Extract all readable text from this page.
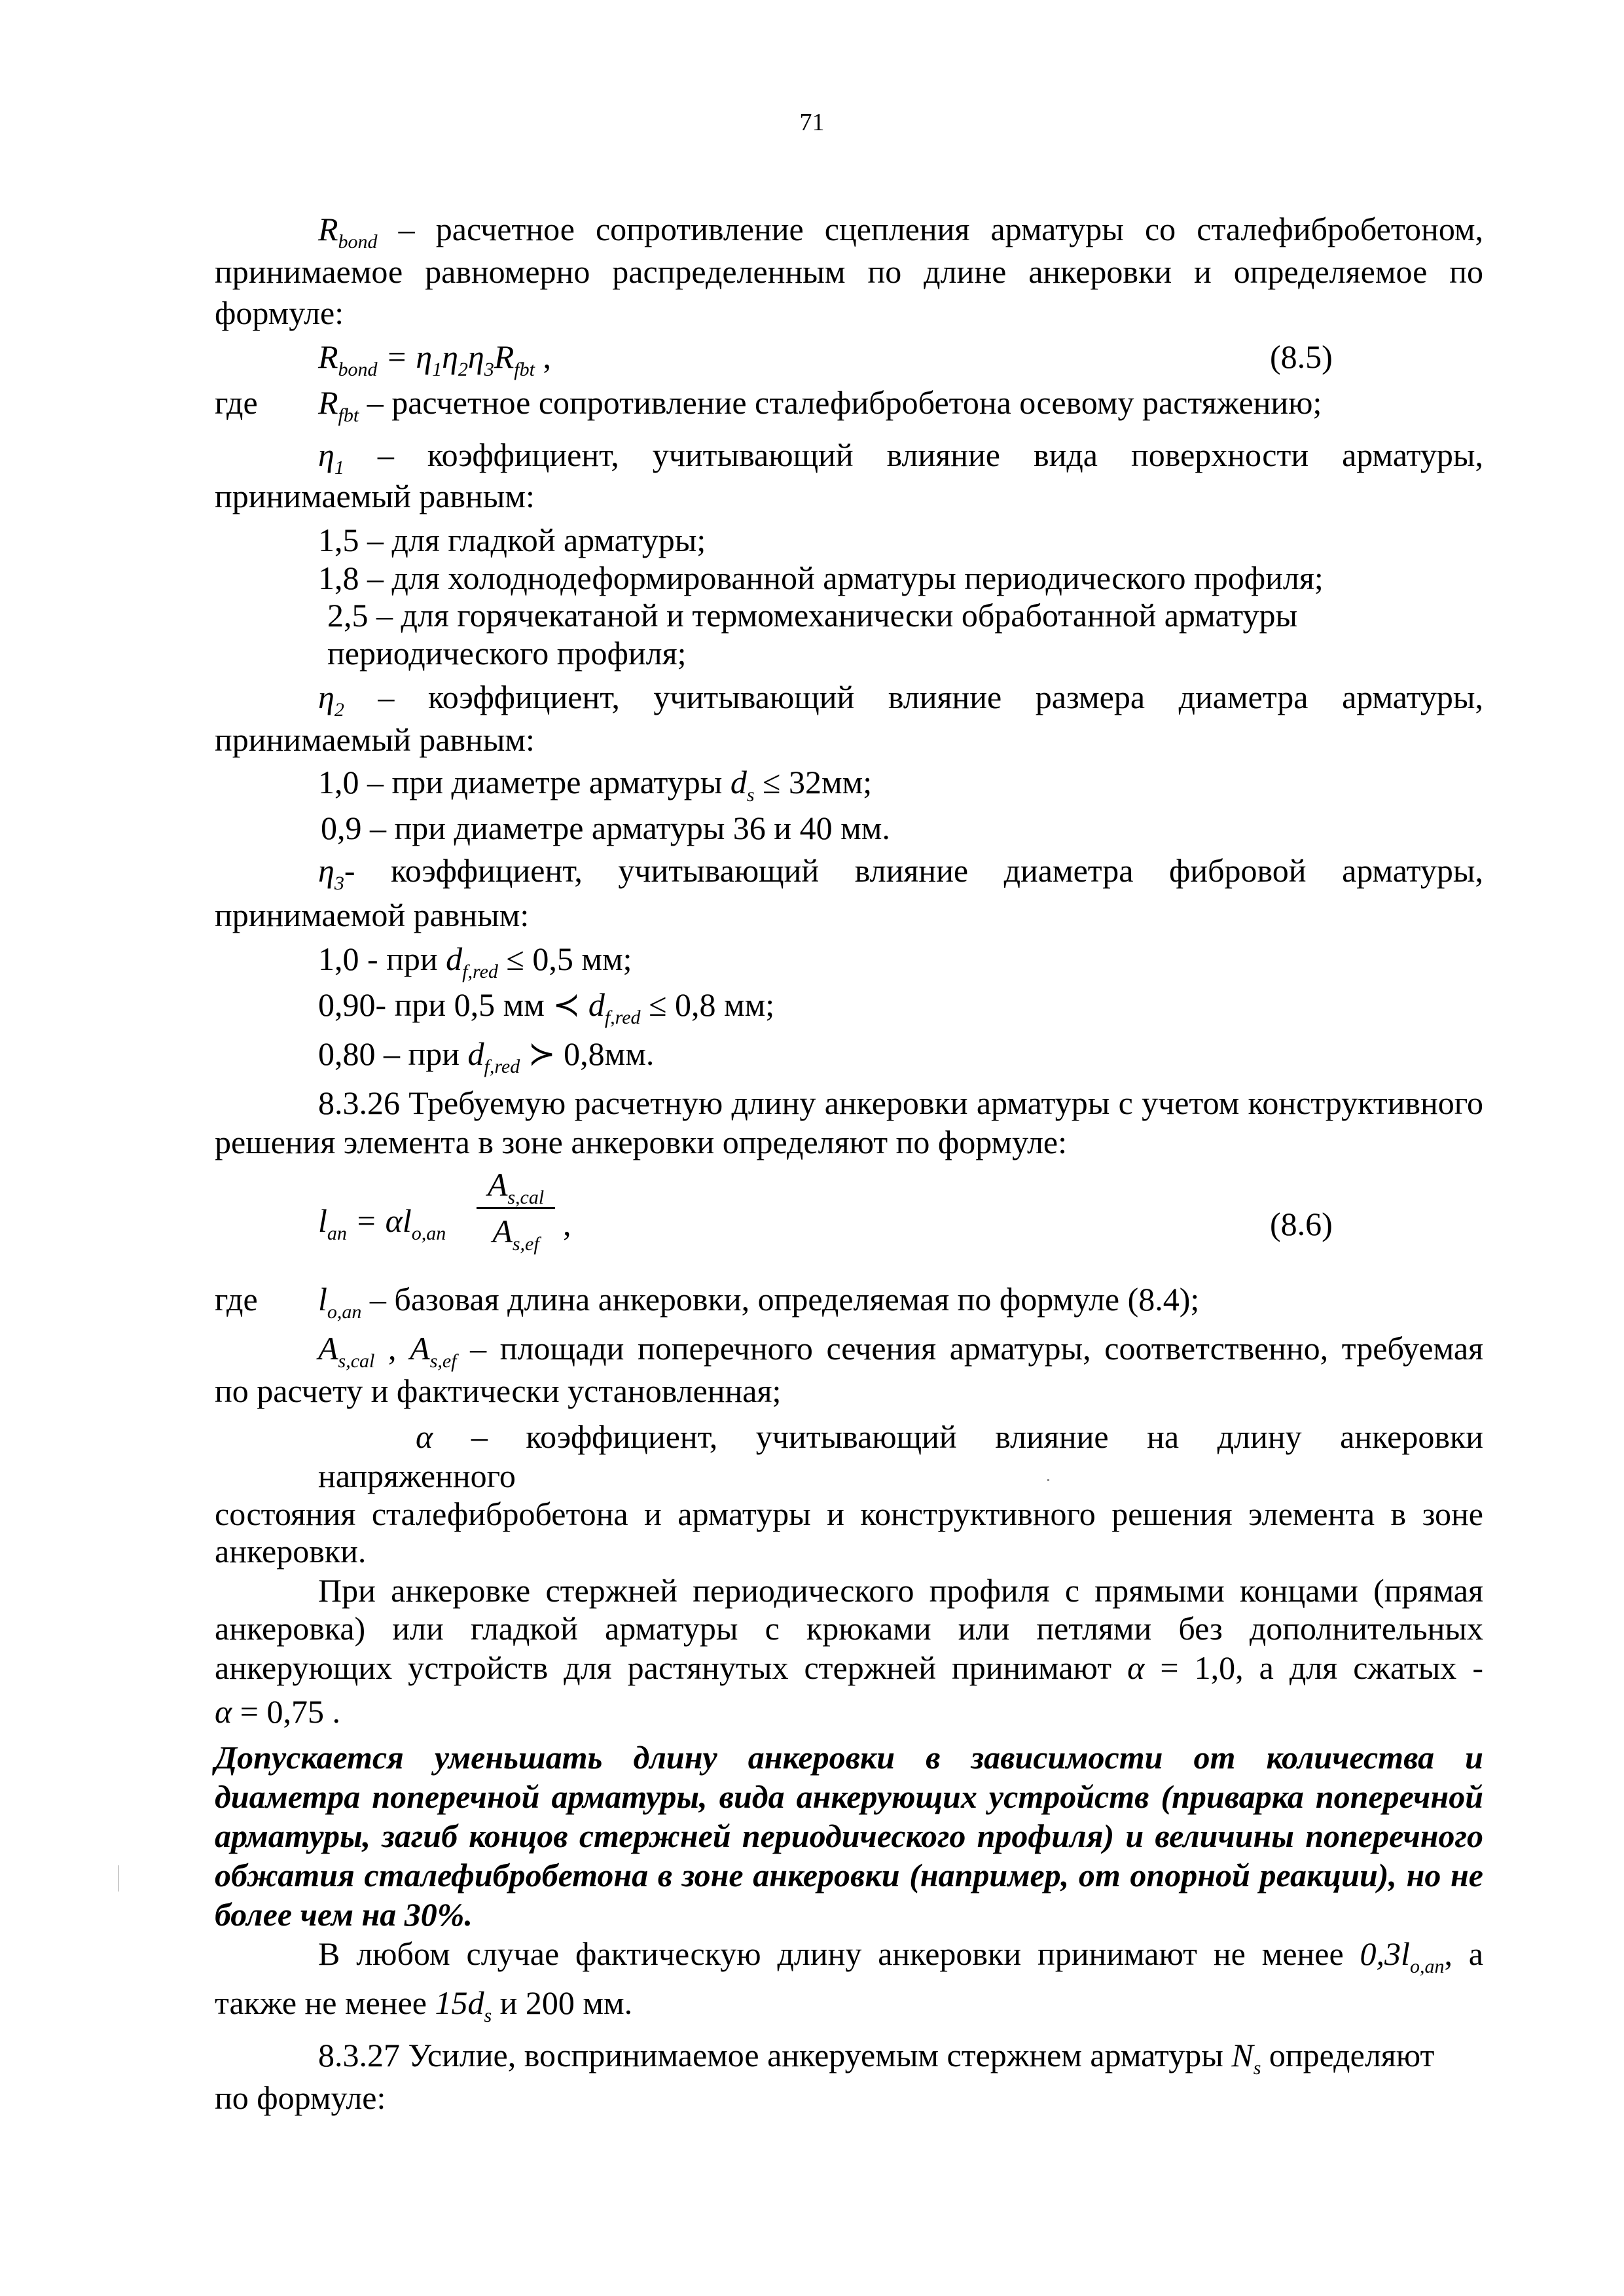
71
$R_{bond}$ – расчетное сопротивление сцепления арматуры со сталефибробетоном,
принимаемое равномерно распределенным по длине анкеровки и определяемое по
формуле:
$R_{bond} = \eta_1\eta_2\eta_3R_{fbt}$ ,	(8.5)
где $R_{fbt}$ – расчетное сопротивление сталефибробетона осевому растяжению;
$\eta_1$ – коэффициент, учитывающий влияние вида поверхности арматуры,
принимаемый равным:
1,5 – для гладкой арматуры;
1,8 – для холоднодеформированной арматуры периодического профиля;
2,5 – для горячекатаной и термомеханически обработанной арматуры
периодического профиля;
$\eta_2$ – коэффициент, учитывающий влияние размера диаметра арматуры,
принимаемый равным:
1,0 – при диаметре арматуры $d_s \le 32мм$;
0,9 – при диаметре арматуры 36 и 40 мм.
$\eta_3-$ коэффициент, учитывающий влияние диаметра фибровой арматуры,
принимаемой равным:
1,0 - при $d_{f,red} \le 0,5$ мм;
0,90- при 0,5 мм ≺ $d_{f,red} \le 0,8$ мм;
0,80 – при $d_{f,red}$ ≻ 0,8мм.
8.3.26 Требуемую расчетную длину анкеровки арматуры с учетом конструктивного
решения элемента в зоне анкеровки определяют по формуле:
$l_{an} = \alpha l_{o,an}$
$A_{s,cal}$
$A_{s,ef}$
,	(8.6)
где $l_{o,an}$ – базовая длина анкеровки, определяемая по формуле (8.4);
$A_{s,cal}$ , $A_{s,ef}$ – площади поперечного сечения арматуры, соответственно, требуемая
по расчету и фактически установленная;
α – коэффициент, учитывающий влияние на длину анкеровки
напряженного
состояния сталефибробетона и арматуры и конструктивного решения элемента в зоне
анкеровки.
При анкеровке стержней периодического профиля с прямыми концами (прямая
анкеровка) или гладкой арматуры с крюками или петлями без дополнительных
анкерующих устройств для растянутых стержней принимают α = 1,0, а для сжатых -
α = 0,75 .
Допускается уменьшать длину анкеровки в зависимости от количества и
диаметра поперечной арматуры, вида анкерующих устройств (приварка поперечной
арматуры, загиб концов стержней периодического профиля) и величины поперечного
обжатия сталефибробетона в зоне анкеровки (например, от опорной реакции), но не
более чем на 30%.
В любом случае фактическую длину анкеровки принимают не менее $0,3l_{o,an}$, а
также не менее $15d_s$ и 200 мм.
8.3.27 Усилие, воспринимаемое анкеруемым стержнем арматуры $N_s$ определяют
по формуле:
